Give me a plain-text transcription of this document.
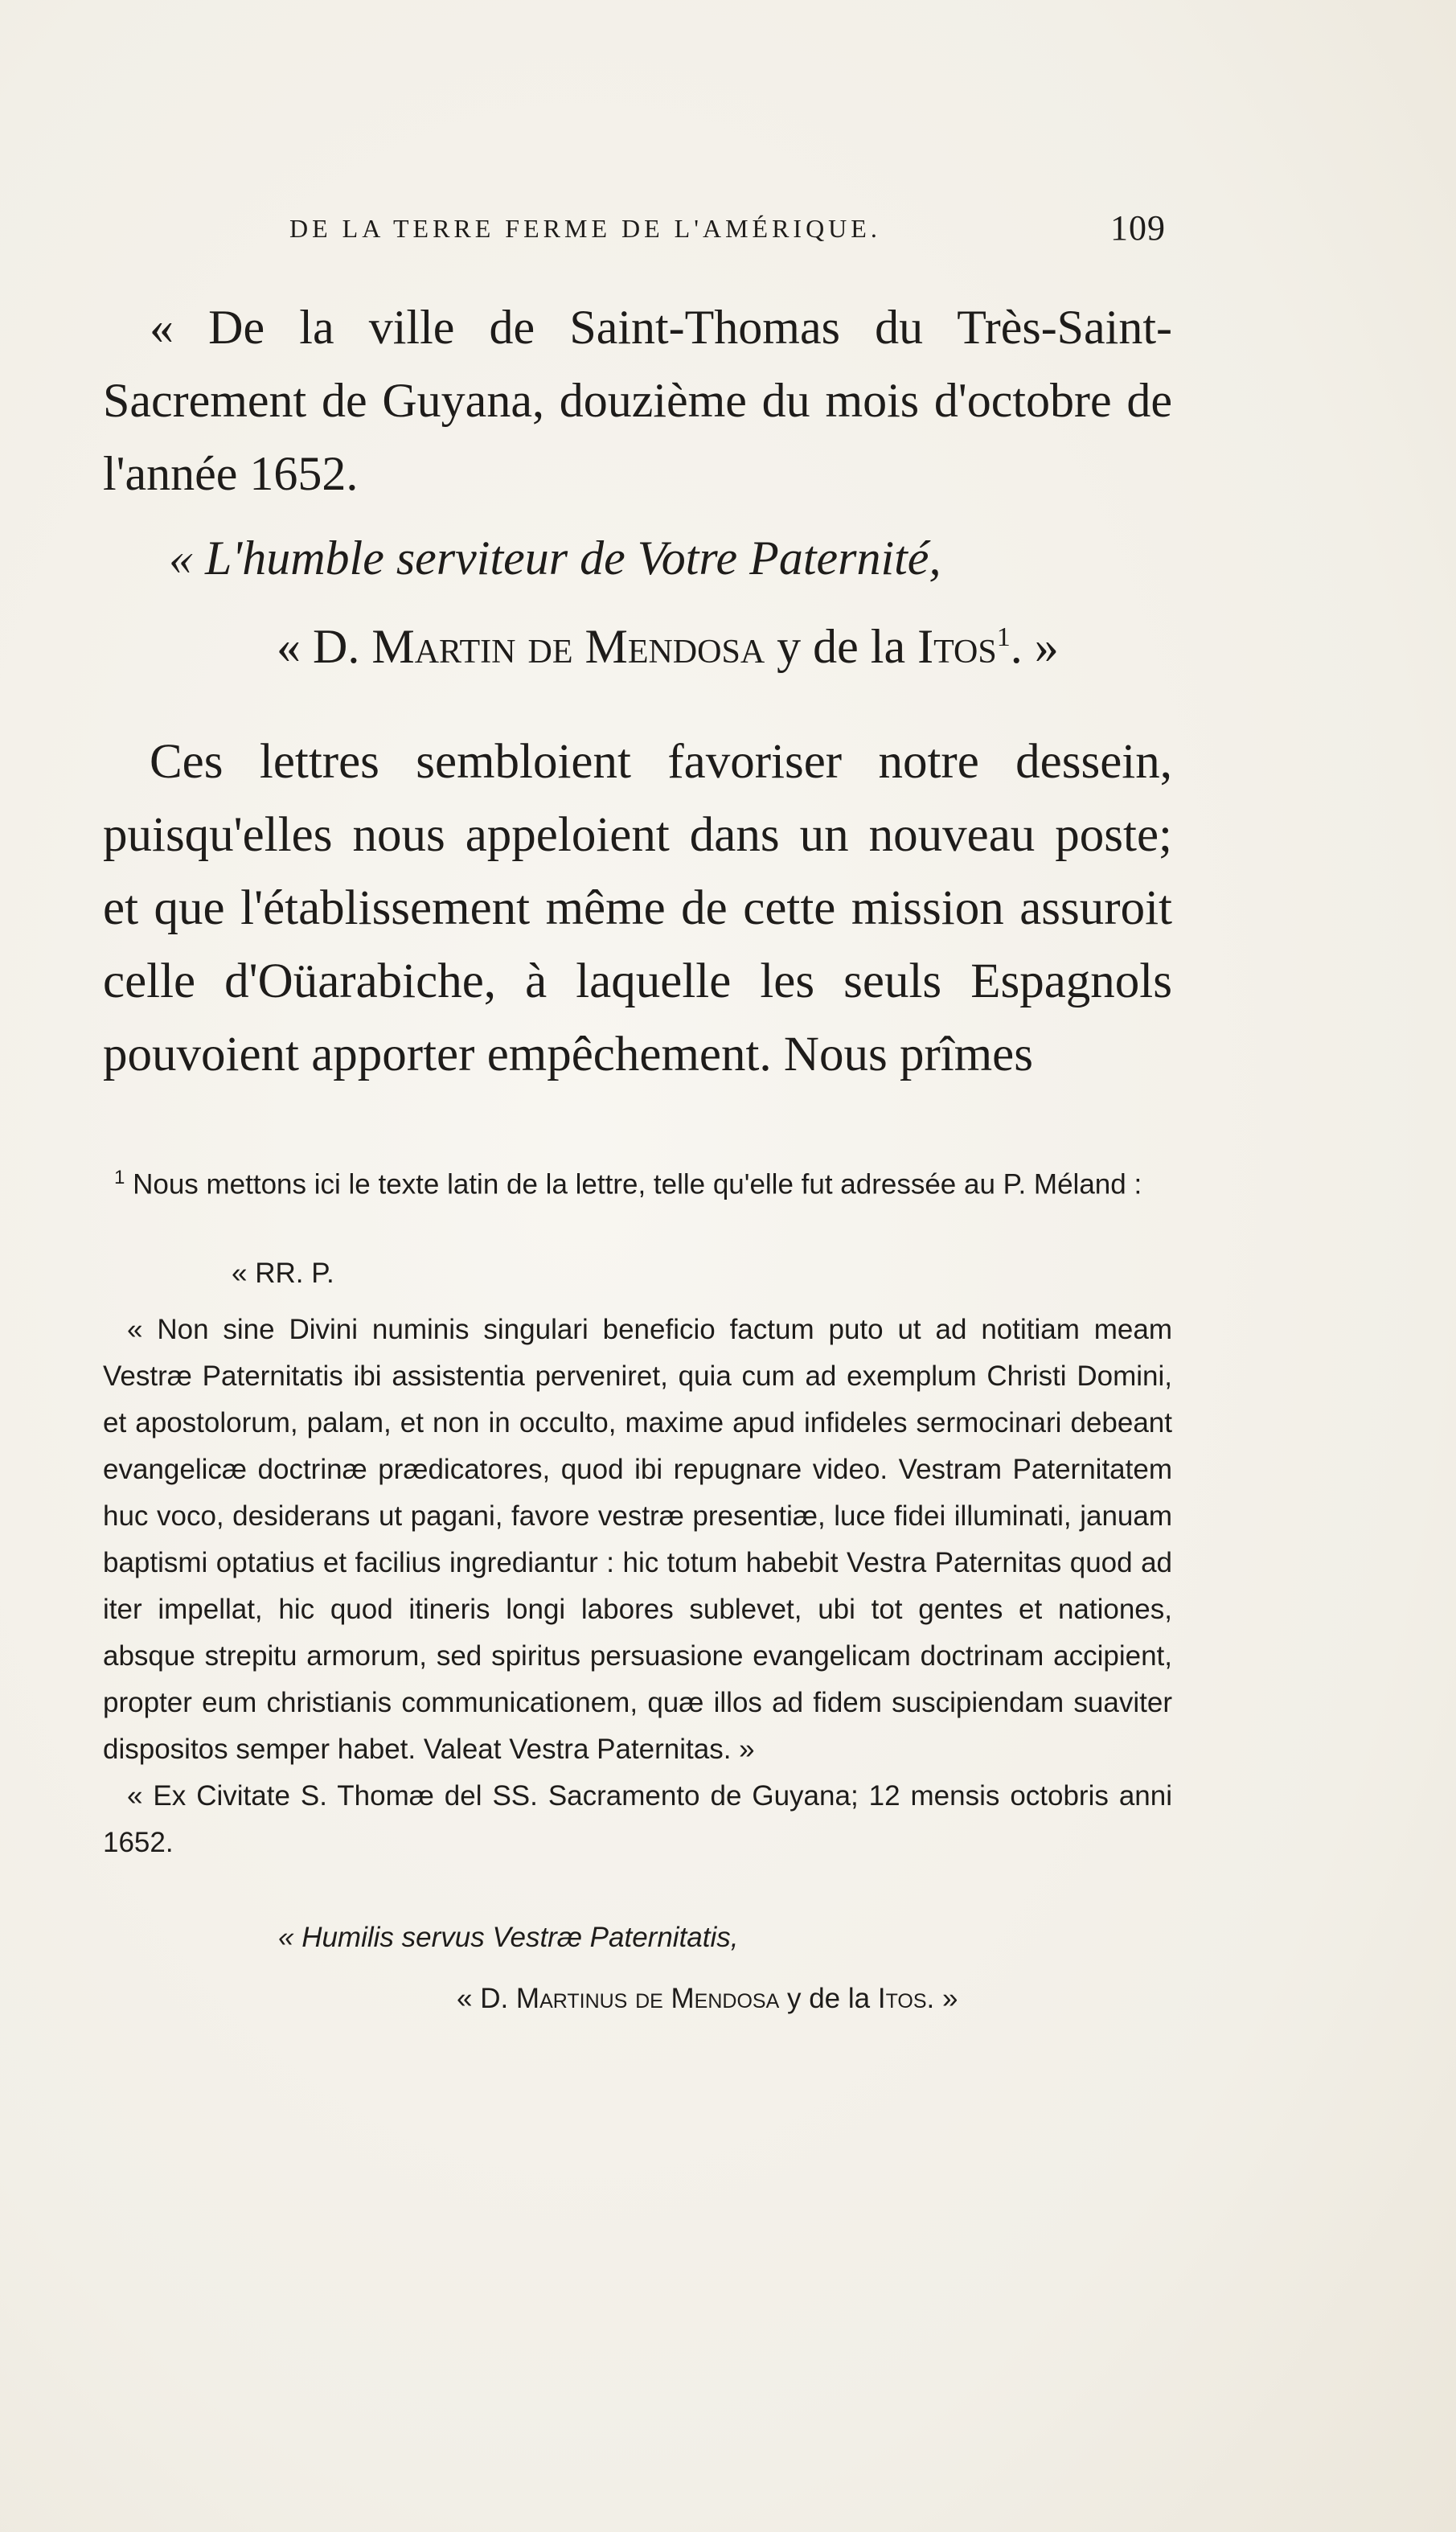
DE LA TERRE FERME DE L'AMÉRIQUE.	109

« De la ville de Saint-Thomas du Très-Saint-Sacrement de Guyana, douzième du mois d'octobre de l'année 1652.

« L'humble serviteur de Votre Paternité,
« D. Martin de Mendosa y de la Itos$^1$. »

Ces lettres sembloient favoriser notre dessein, puisqu'elles nous appeloient dans un nouveau poste; et que l'établissement même de cette mission assuroit celle d'Oüarabiche, à laquelle les seuls Espagnols pouvoient apporter empêchement. Nous prîmes

$^1$ Nous mettons ici le texte latin de la lettre, telle qu'elle fut adressée au P. Méland :

« RR. P.

« Non sine Divini numinis singulari beneficio factum puto ut ad notitiam meam Vestræ Paternitatis ibi assistentia perveniret, quia cum ad exemplum Christi Domini, et apostolorum, palam, et non in occulto, maxime apud infideles sermocinari debeant evangelicæ doctrinæ prædicatores, quod ibi repugnare video. Vestram Paternitatem huc voco, desiderans ut pagani, favore vestræ presentiæ, luce fidei illuminati, januam baptismi optatius et facilius ingrediantur : hic totum habebit Vestra Paternitas quod ad iter impellat, hic quod itineris longi labores sublevet, ubi tot gentes et nationes, absque strepitu armorum, sed spiritus persuasione evangelicam doctrinam accipient, propter eum christianis communicationem, quæ illos ad fidem suscipiendam suaviter dispositos semper habet. Valeat Vestra Paternitas. »

« Ex Civitate S. Thomæ del SS. Sacramento de Guyana; 12 mensis octobris anni 1652.

« Humilis servus Vestræ Paternitatis,

« D. Martinus de Mendosa y de la Itos. »
